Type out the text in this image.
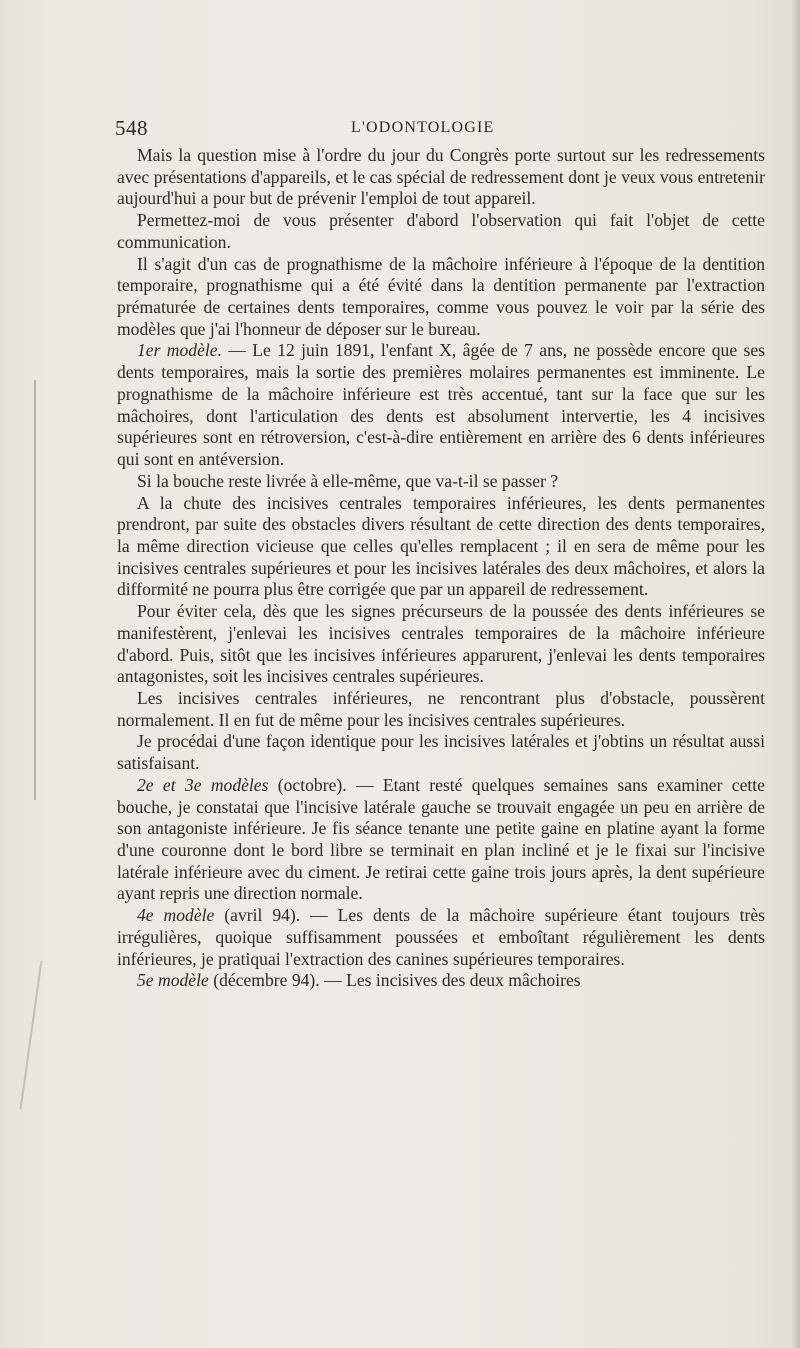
548	L'ODONTOLOGIE

Mais la question mise à l'ordre du jour du Congrès porte surtout sur les redressements avec présentations d'appareils, et le cas spécial de redressement dont je veux vous entretenir aujourd'hui a pour but de prévenir l'emploi de tout appareil.

Permettez-moi de vous présenter d'abord l'observation qui fait l'objet de cette communication.

Il s'agit d'un cas de prognathisme de la mâchoire inférieure à l'époque de la dentition temporaire, prognathisme qui a été évité dans la dentition permanente par l'extraction prématurée de certaines dents temporaires, comme vous pouvez le voir par la série des modèles que j'ai l'honneur de déposer sur le bureau.

1er modèle. — Le 12 juin 1891, l'enfant X, âgée de 7 ans, ne possède encore que ses dents temporaires, mais la sortie des premières molaires permanentes est imminente. Le prognathisme de la mâchoire inférieure est très accentué, tant sur la face que sur les mâchoires, dont l'articulation des dents est absolument intervertie, les 4 incisives supérieures sont en rétroversion, c'est-à-dire entièrement en arrière des 6 dents inférieures qui sont en antéversion.

Si la bouche reste livrée à elle-même, que va-t-il se passer ?

A la chute des incisives centrales temporaires inférieures, les dents permanentes prendront, par suite des obstacles divers résultant de cette direction des dents temporaires, la même direction vicieuse que celles qu'elles remplacent ; il en sera de même pour les incisives centrales supérieures et pour les incisives latérales des deux mâchoires, et alors la difformité ne pourra plus être corrigée que par un appareil de redressement.

Pour éviter cela, dès que les signes précurseurs de la poussée des dents inférieures se manifestèrent, j'enlevai les incisives centrales temporaires de la mâchoire inférieure d'abord. Puis, sitôt que les incisives inférieures apparurent, j'enlevai les dents temporaires antagonistes, soit les incisives centrales supérieures.

Les incisives centrales inférieures, ne rencontrant plus d'obstacle, poussèrent normalement. Il en fut de même pour les incisives centrales supérieures.

Je procédai d'une façon identique pour les incisives latérales et j'obtins un résultat aussi satisfaisant.

2e et 3e modèles (octobre). — Etant resté quelques semaines sans examiner cette bouche, je constatai que l'incisive latérale gauche se trouvait engagée un peu en arrière de son antagoniste inférieure. Je fis séance tenante une petite gaine en platine ayant la forme d'une couronne dont le bord libre se terminait en plan incliné et je le fixai sur l'incisive latérale inférieure avec du ciment. Je retirai cette gaine trois jours après, la dent supérieure ayant repris une direction normale.

4e modèle (avril 94). — Les dents de la mâchoire supérieure étant toujours très irrégulières, quoique suffisamment poussées et emboîtant régulièrement les dents inférieures, je pratiquai l'extraction des canines supérieures temporaires.

5e modèle (décembre 94). — Les incisives des deux mâchoires
